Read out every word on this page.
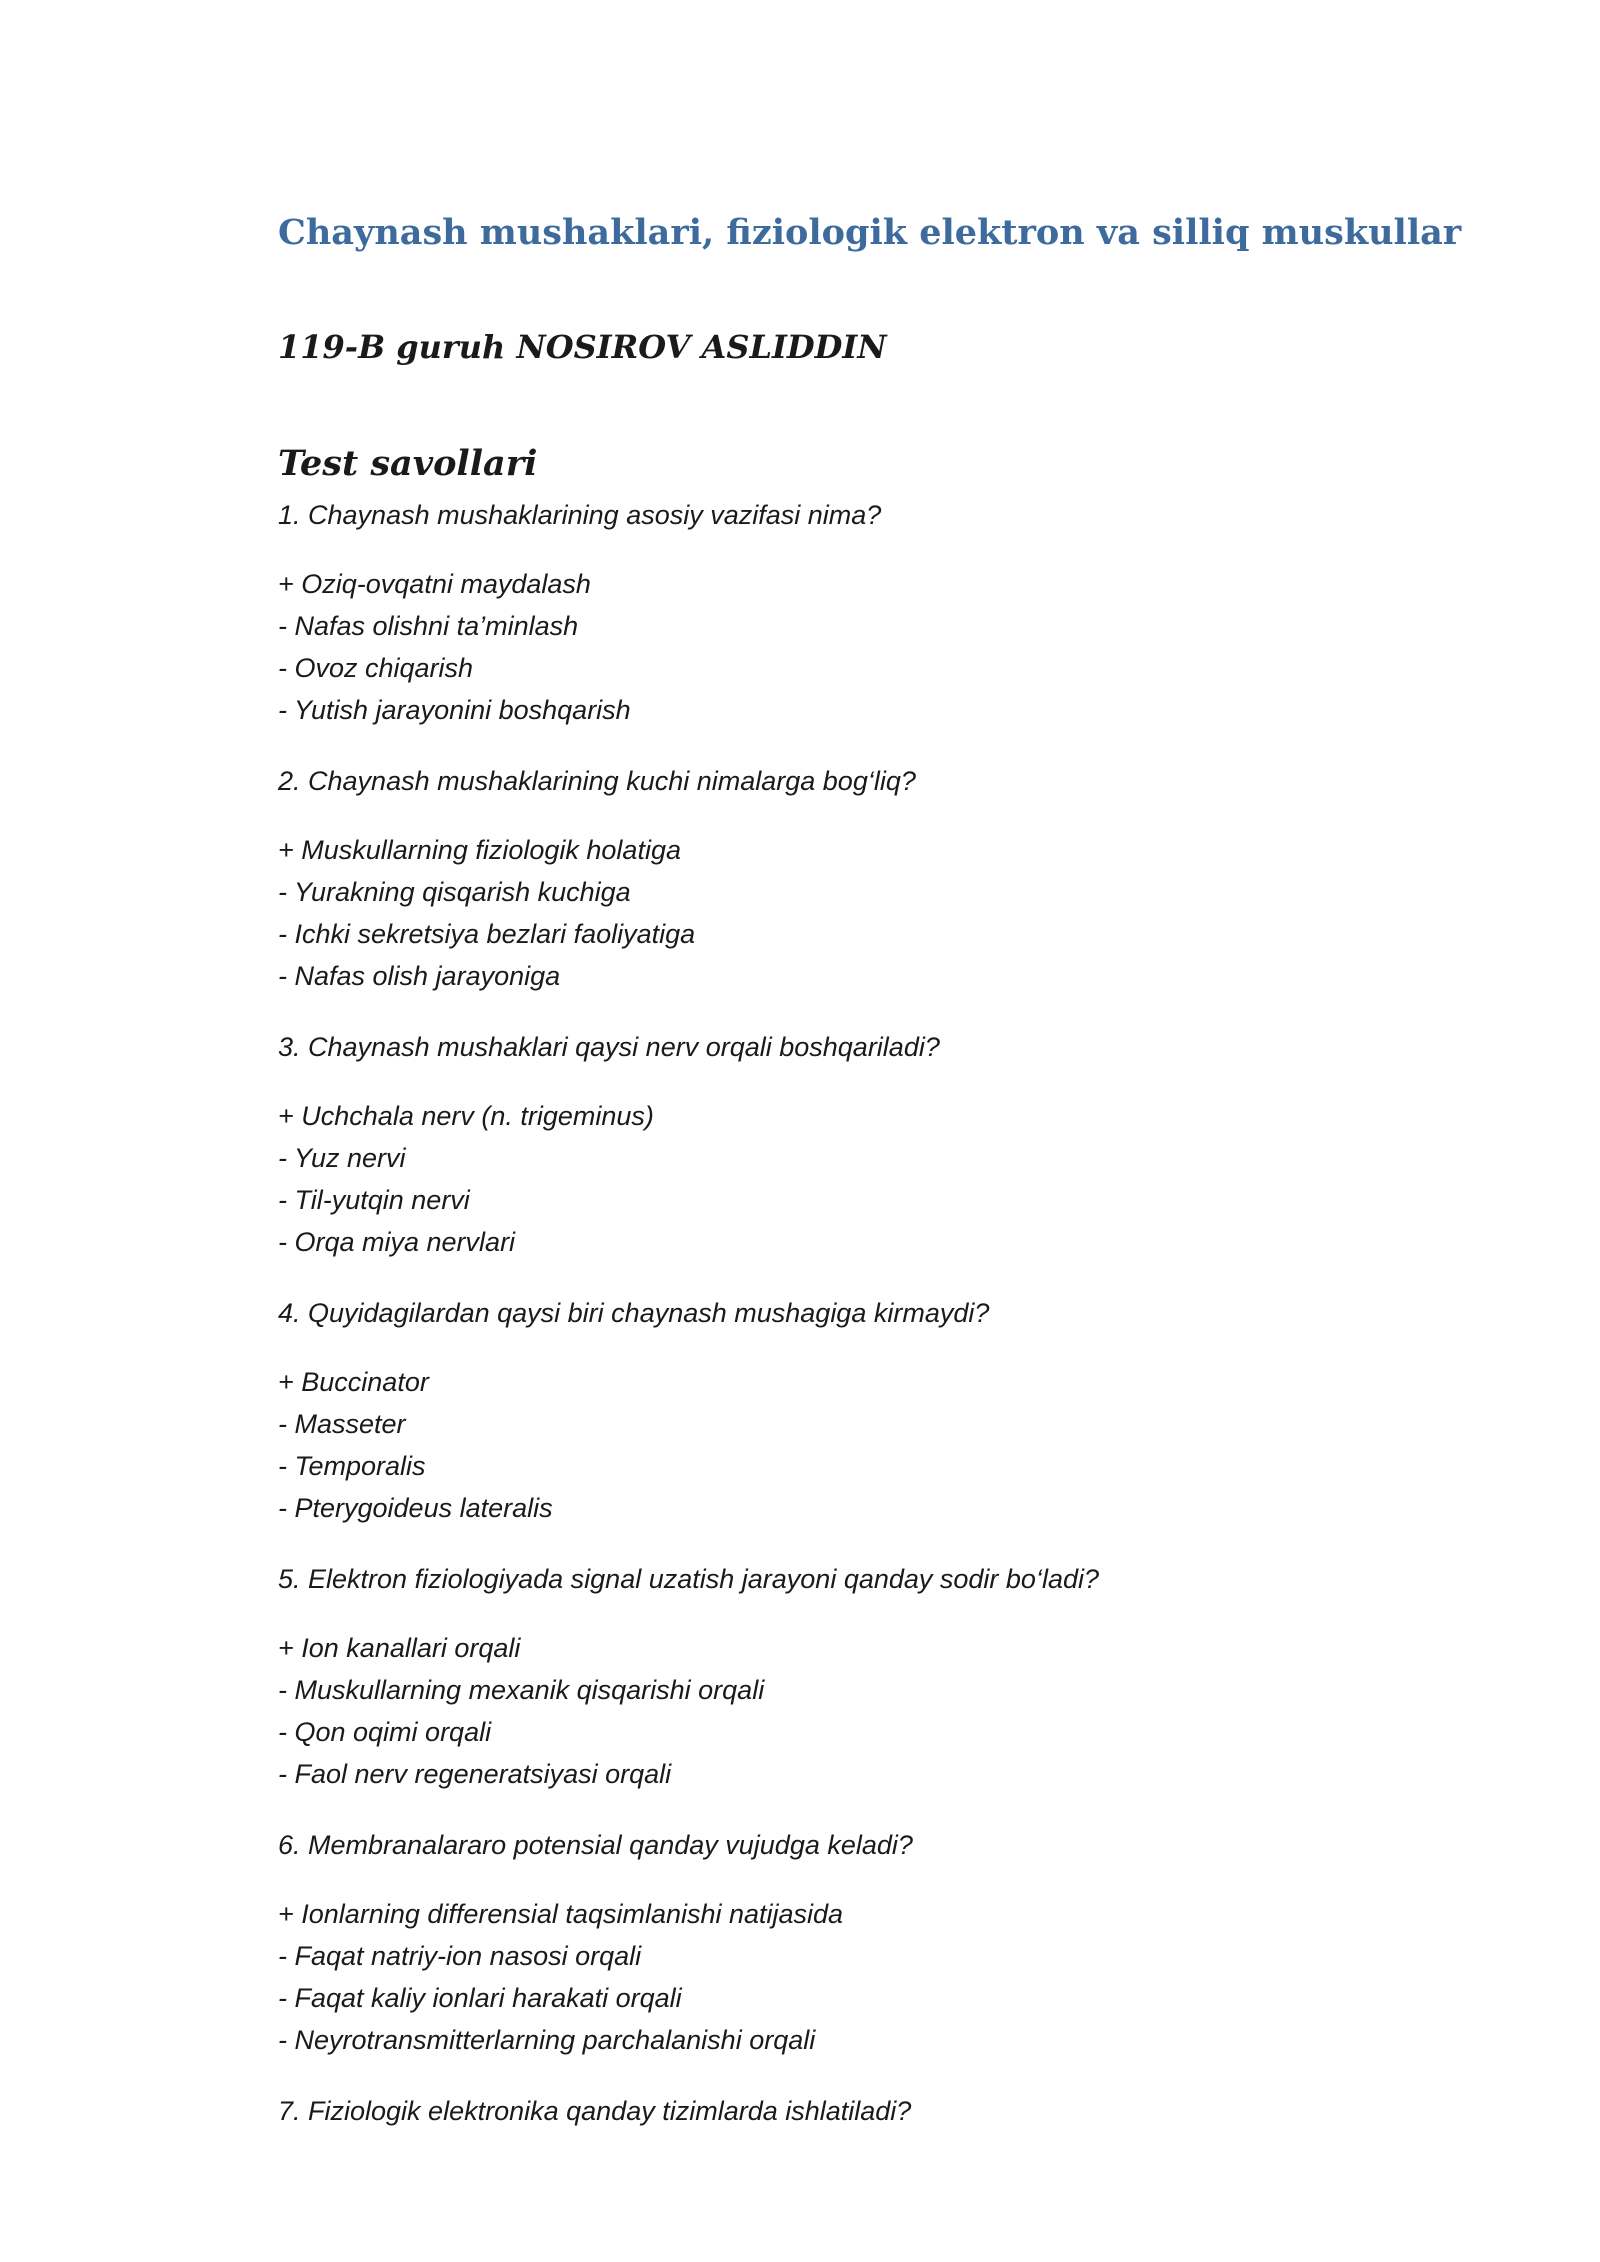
Chaynash mushaklari, fiziologik elektron va silliq muskullar
119-B guruh NOSIROV ASLIDDIN
Test savollari
1. Chaynash mushaklarining asosiy vazifasi nima?
+ Oziq-ovqatni maydalash
- Nafas olishni ta’minlash
- Ovoz chiqarish
- Yutish jarayonini boshqarish
2. Chaynash mushaklarining kuchi nimalarga bog‘liq?
+ Muskullarning fiziologik holatiga
- Yurakning qisqarish kuchiga
- Ichki sekretsiya bezlari faoliyatiga
- Nafas olish jarayoniga
3. Chaynash mushaklari qaysi nerv orqali boshqariladi?
+ Uchchala nerv (n. trigeminus)
- Yuz nervi
- Til-yutqin nervi
- Orqa miya nervlari
4. Quyidagilardan qaysi biri chaynash mushagiga kirmaydi?
+ Buccinator
- Masseter
- Temporalis
- Pterygoideus lateralis
5. Elektron fiziologiyada signal uzatish jarayoni qanday sodir bo‘ladi?
+ Ion kanallari orqali
- Muskullarning mexanik qisqarishi orqali
- Qon oqimi orqali
- Faol nerv regeneratsiyasi orqali
6. Membranalararo potensial qanday vujudga keladi?
+ Ionlarning differensial taqsimlanishi natijasida
- Faqat natriy-ion nasosi orqali
- Faqat kaliy ionlari harakati orqali
- Neyrotransmitterlarning parchalanishi orqali
7. Fiziologik elektronika qanday tizimlarda ishlatiladi?
